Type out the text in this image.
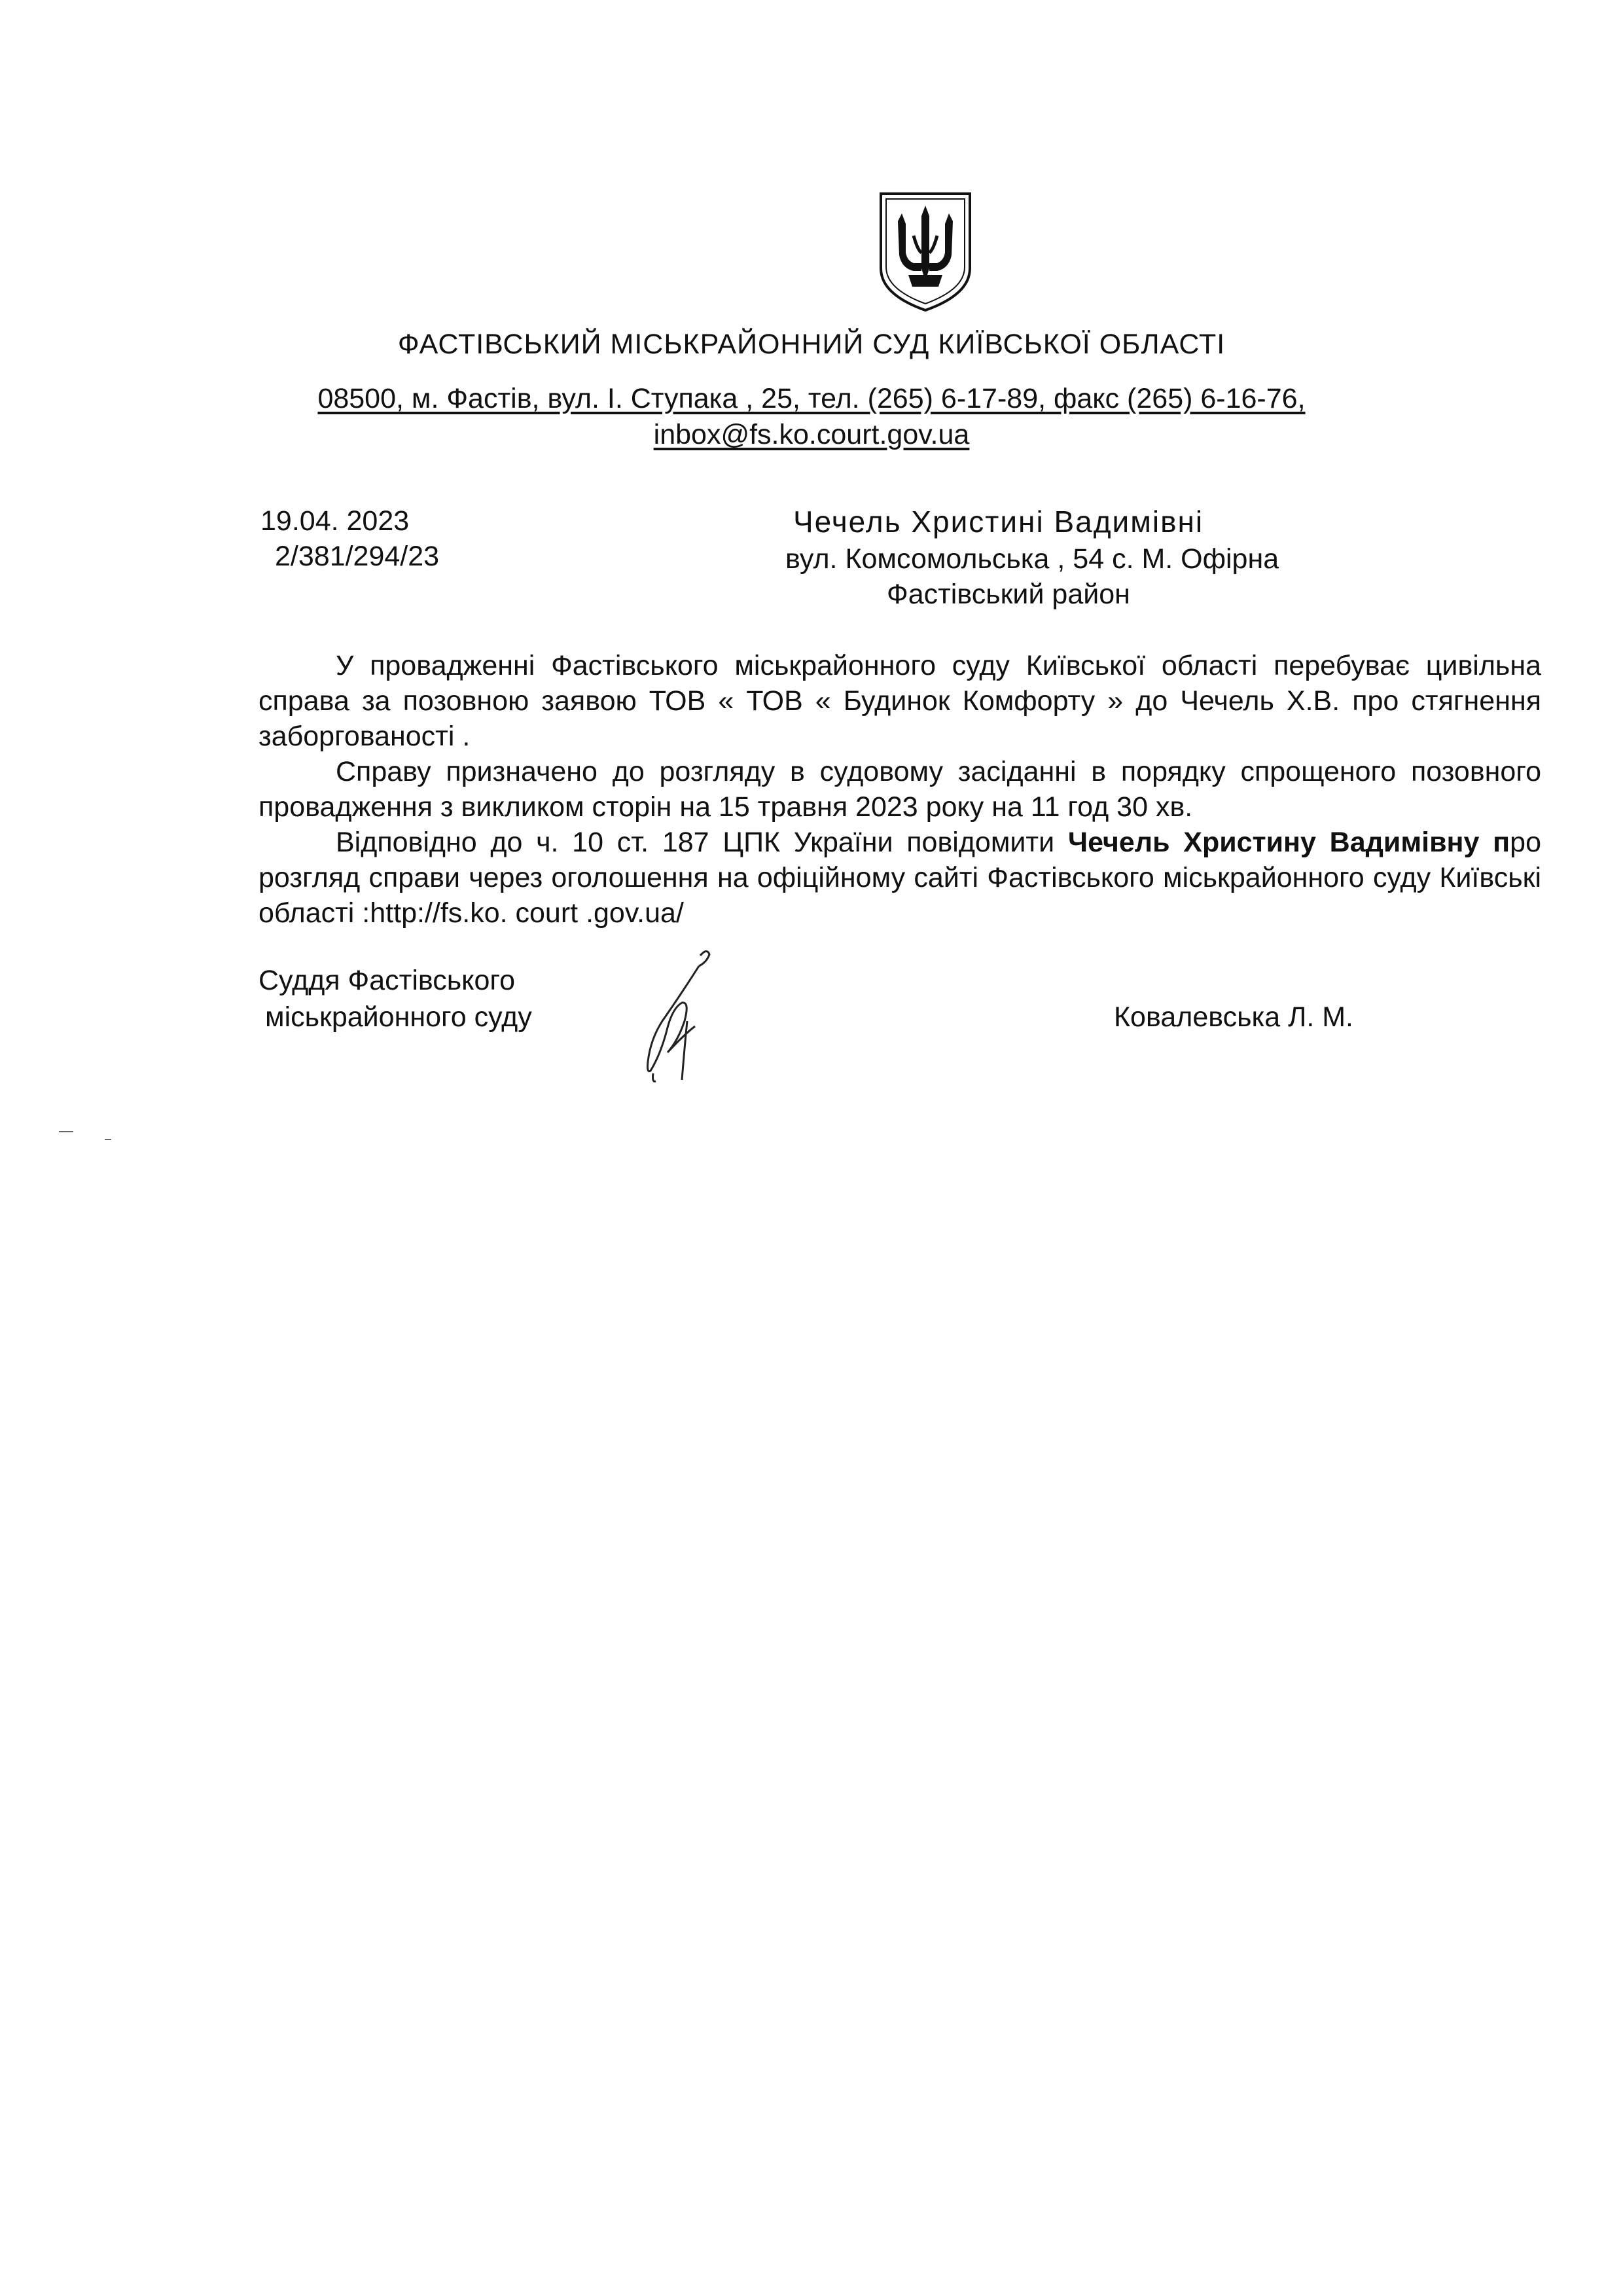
ФАСТІВСЬКИЙ МІСЬКРАЙОННИЙ СУД КИЇВСЬКОЇ ОБЛАСТІ
08500, м. Фастів, вул. І. Ступака , 25, тел. (265) 6-17-89, факс (265) 6-16-76,
inbox@fs.ko.court.gov.ua
19.04. 2023
2/381/294/23
Чечель Христині Вадимівні
вул. Комсомольська , 54 с. М. Офірна
Фастівський район
У провадженні Фастівського міськрайонного суду Київської області перебуває цивільна справа за позовною заявою ТОВ « ТОВ « Будинок Комфорту » до Чечель Х.В. про стягнення заборгованості .
Справу призначено до розгляду в судовому засіданні в порядку спрощеного позовного провадження з викликом сторін на 15 травня 2023 року на 11 год 30 хв.
Відповідно до ч. 10 ст. 187 ЦПК України повідомити Чечель Христину Вадимівну про розгляд справи через оголошення на офіційному сайті Фастівського міськрайонного суду Київські області :http://fs.ko. court .gov.ua/
Суддя Фастівського
міськрайонного суду	Ковалевська Л. М.
